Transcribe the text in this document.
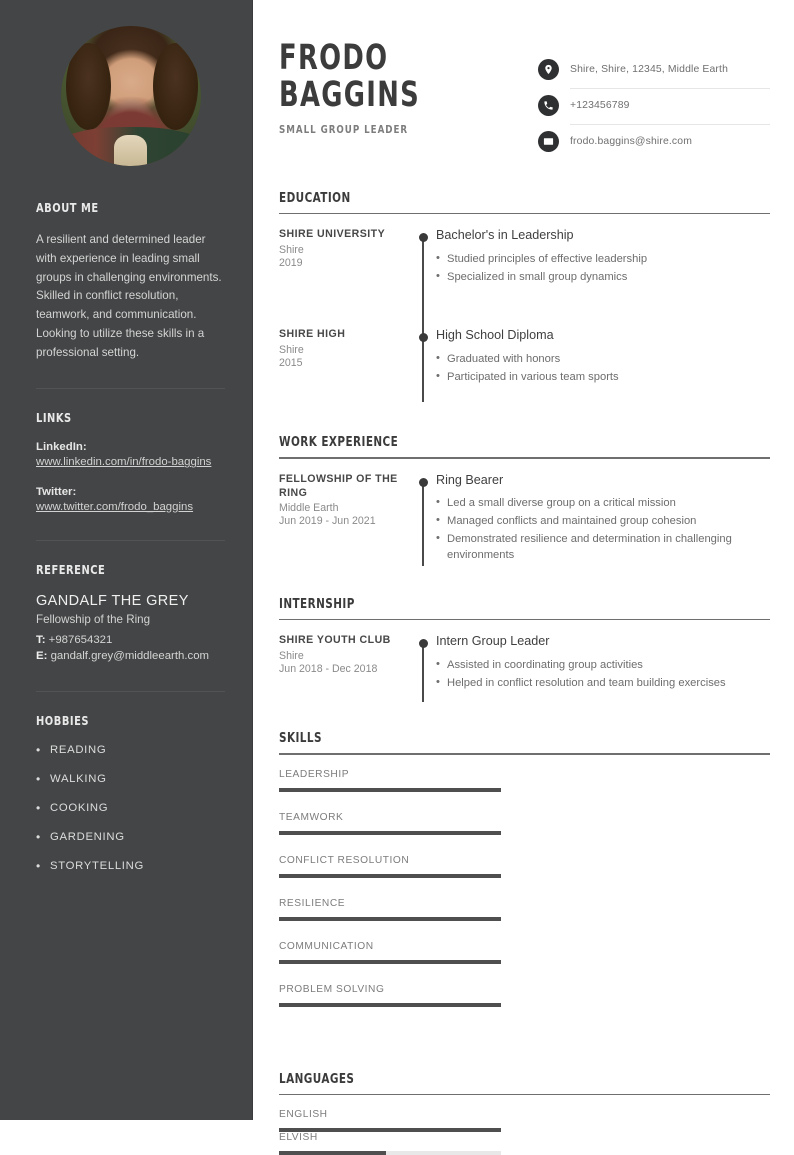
ABOUT ME

A resilient and determined leader with experience in leading small groups in challenging environments. Skilled in conflict resolution, teamwork, and communication. Looking to utilize these skills in a professional setting.

LINKS
LinkedIn:
www.linkedin.com/in/frodo-baggins
Twitter:
www.twitter.com/frodo_baggins
REFERENCE
GANDALF THE GREY
Fellowship of the Ring
T: +987654321
E: gandalf.grey@middleearth.com
HOBBIES
• READING
• WALKING
• COOKING
• GARDENING
• STORYTELLING
FRODO
BAGGINS
SMALL GROUP LEADER
Shire, Shire, 12345, Middle Earth
+123456789
frodo.baggins@shire.com
EDUCATION
SHIRE UNIVERSITY
Shire
2019
Bachelor's in Leadership
• Studied principles of effective leadership
• Specialized in small group dynamics
SHIRE HIGH
Shire
2015
High School Diploma
• Graduated with honors
• Participated in various team sports
WORK EXPERIENCE
FELLOWSHIP OF THE RING
Middle Earth
Jun 2019 - Jun 2021
Ring Bearer
• Led a small diverse group on a critical mission
• Managed conflicts and maintained group cohesion
• Demonstrated resilience and determination in challenging environments
INTERNSHIP
SHIRE YOUTH CLUB
Shire
Jun 2018 - Dec 2018
Intern Group Leader
• Assisted in coordinating group activities
• Helped in conflict resolution and team building exercises
SKILLS
LEADERSHIP
TEAMWORK
CONFLICT RESOLUTION
RESILIENCE
COMMUNICATION
PROBLEM SOLVING
LANGUAGES
ENGLISH
ELVISH
